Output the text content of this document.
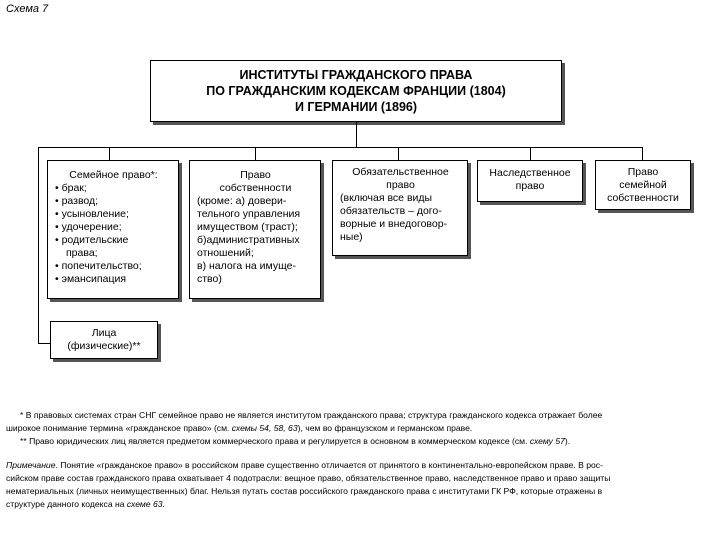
Схема 7
ИНСТИТУТЫ ГРАЖДАНСКОГО ПРАВА
ПО ГРАЖДАНСКИМ КОДЕКСАМ ФРАНЦИИ (1804)
И ГЕРМАНИИ (1896)
Семейное право*:
• брак;
• развод;
• усыновление;
• удочерение;
• родительские
права;
• попечительство;
• эмансипация
Право
собственности
(кроме: а) довери-
тельного управления
имуществом (траст);
б)административных
отношений;
в) налога на имуще-
ство)
Обязательственное
право
(включая все виды
обязательств – дого-
ворные и внедоговор-
ные)
Наследственное
право
Право
семейной
собственности
Лица
(физические)**
* В правовых системах стран СНГ семейное право не является институтом гражданского права; структура гражданского кодекса отражает более
широкое понимание термина «гражданское право» (см. схемы 54, 58, 63), чем во французском и германском праве.
** Право юридических лиц является предметом коммерческого права и регулируется в основном в коммерческом кодексе (см. схему 57).
Примечание. Понятие «гражданское право» в российском праве существенно отличается от принятого в континентально-европейском праве. В рос-
сийском праве состав гражданского права охватывает 4 подотрасли: вещное право, обязательственное право, наследственное право и право защиты
нематериальных (личных неимущественных) благ. Нельзя путать состав российского гражданского права с институтами ГК РФ, которые отражены в
структуре данного кодекса на схеме 63.
